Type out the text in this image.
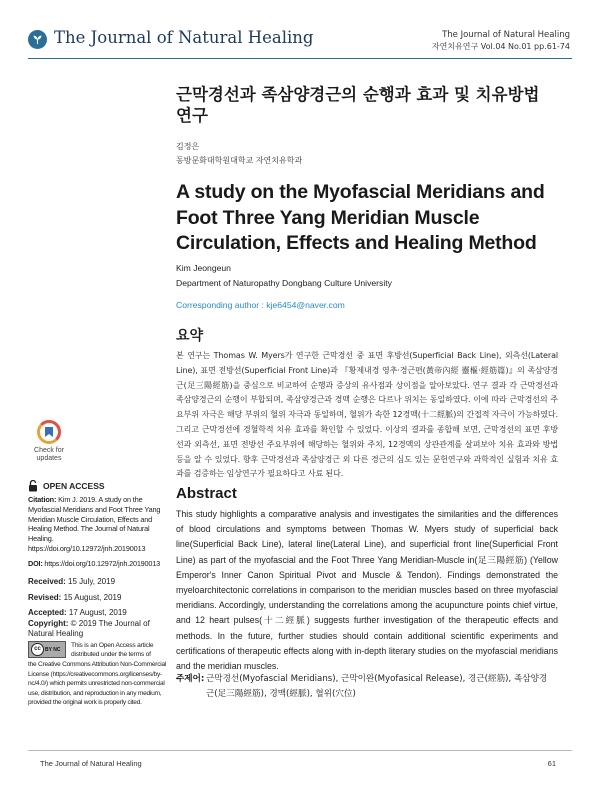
The Journal of Natural Healing	The Journal of Natural Healing
자연치유연구 Vol.04 No.01 pp.61-74
근막경선과 족삼양경근의 순행과 효과 및 치유방법 연구
김정은
동방문화대학원대학교 자연치유학과
A study on the Myofascial Meridians and Foot Three Yang Meridian Muscle Circulation, Effects and Healing Method
Kim Jeongeun
Department of Naturopathy Dongbang Culture University
Corresponding author : kje6454@naver.com
요약
본 연구는 Thomas W. Myers가 연구한 근막경선 중 표면 후방선(Superficial Back Line), 외측선(Lateral Line), 표면 전방선(Superficial Front Line)과 『황제내경 영추·경근편(黃帝內經 靈樞·經筋篇)』의 족삼양경근(足三陽經筋)을 중심으로 비교하여 순행과 증상의 유사점과 상이점을 알아보았다. 연구 결과 각 근막경선과 족삼양경근의 순행이 부합되며, 족삼양경근과 경맥 순행은 다르나 위치는 동일하였다. 이에 따라 근막경선의 주요부위 자극은 해당 부위의 혈위 자극과 동일하며, 혈위가 속한 12경맥(十二經脈)의 간접적 자극이 가능하였다. 그리고 근막경선에 경혈학적 치유 효과를 확인할 수 있었다. 이상의 결과를 종합해 보면, 근막경선의 표면 후방선과 외측선, 표면 전방선 주요부위에 해당하는 혈위와 주치, 12경맥의 상관관계를 살펴보아 치유 효과와 방법 등을 알 수 있었다. 향후 근막경선과 족삼양경근 외 다른 경근의 심도 있는 문헌연구와 과학적인 실험과 치유 효과를 검증하는 임상연구가 필요하다고 사료 된다.
Abstract
This study highlights a comparative analysis and investigates the similarities and the differences of blood circulations and symptoms between Thomas W. Myers study of superficial back line(Superficial Back Line), lateral line(Lateral Line), and superficial front line(Superficial Front Line) as part of the myofascial and the Foot Three Yang Meridian-Muscle in(足三陽經筋) (Yellow Emperor's Inner Canon Spiritual Pivot and Muscle & Tendon). Findings demonstrated the myeloarchitectonic correlations in comparison to the meridian muscles based on three myofascial meridians. Accordingly, understanding the correlations among the acupuncture points chief virtue, and 12 heart pulses(十二經脈) suggests further investigation of the therapeutic effects and methods. In the future, further studies should contain additional scientific experiments and certifications of therapeutic effects along with in-depth literary studies on the myofascial meridians and the meridian muscles.
주제어: 근막경선(Myofascial Meridians), 근막이완(Myofasical Release), 경근(經筋), 족삼양경근(足三陽經筋), 경맥(經脈), 혈위(穴位)
Check for updates
OPEN ACCESS
Citation: Kim J. 2019. A study on the Myofascial Meridians and Foot Three Yang Meridian Muscle Circulation, Effects and Healing Method. The Journal of Natural Healing. https://doi.org/10.12972/jnh.20190013
DOI: https://doi.org/10.12972/jnh.20190013
Received: 15 July, 2019
Revised: 15 August, 2019
Accepted: 17 August, 2019
Copyright: © 2019 The Journal of Natural Healing
cc BY NC
This is an Open Access article distributed under the terms of
the Creative Commons Attribution Non-Commercial License (https://creativecommons.org/licenses/by-nc/4.0/) which permits unrestricted non-commercial use, distribution, and reproduction in any medium, provided the original work is properly cited.
The Journal of Natural Healing	61
